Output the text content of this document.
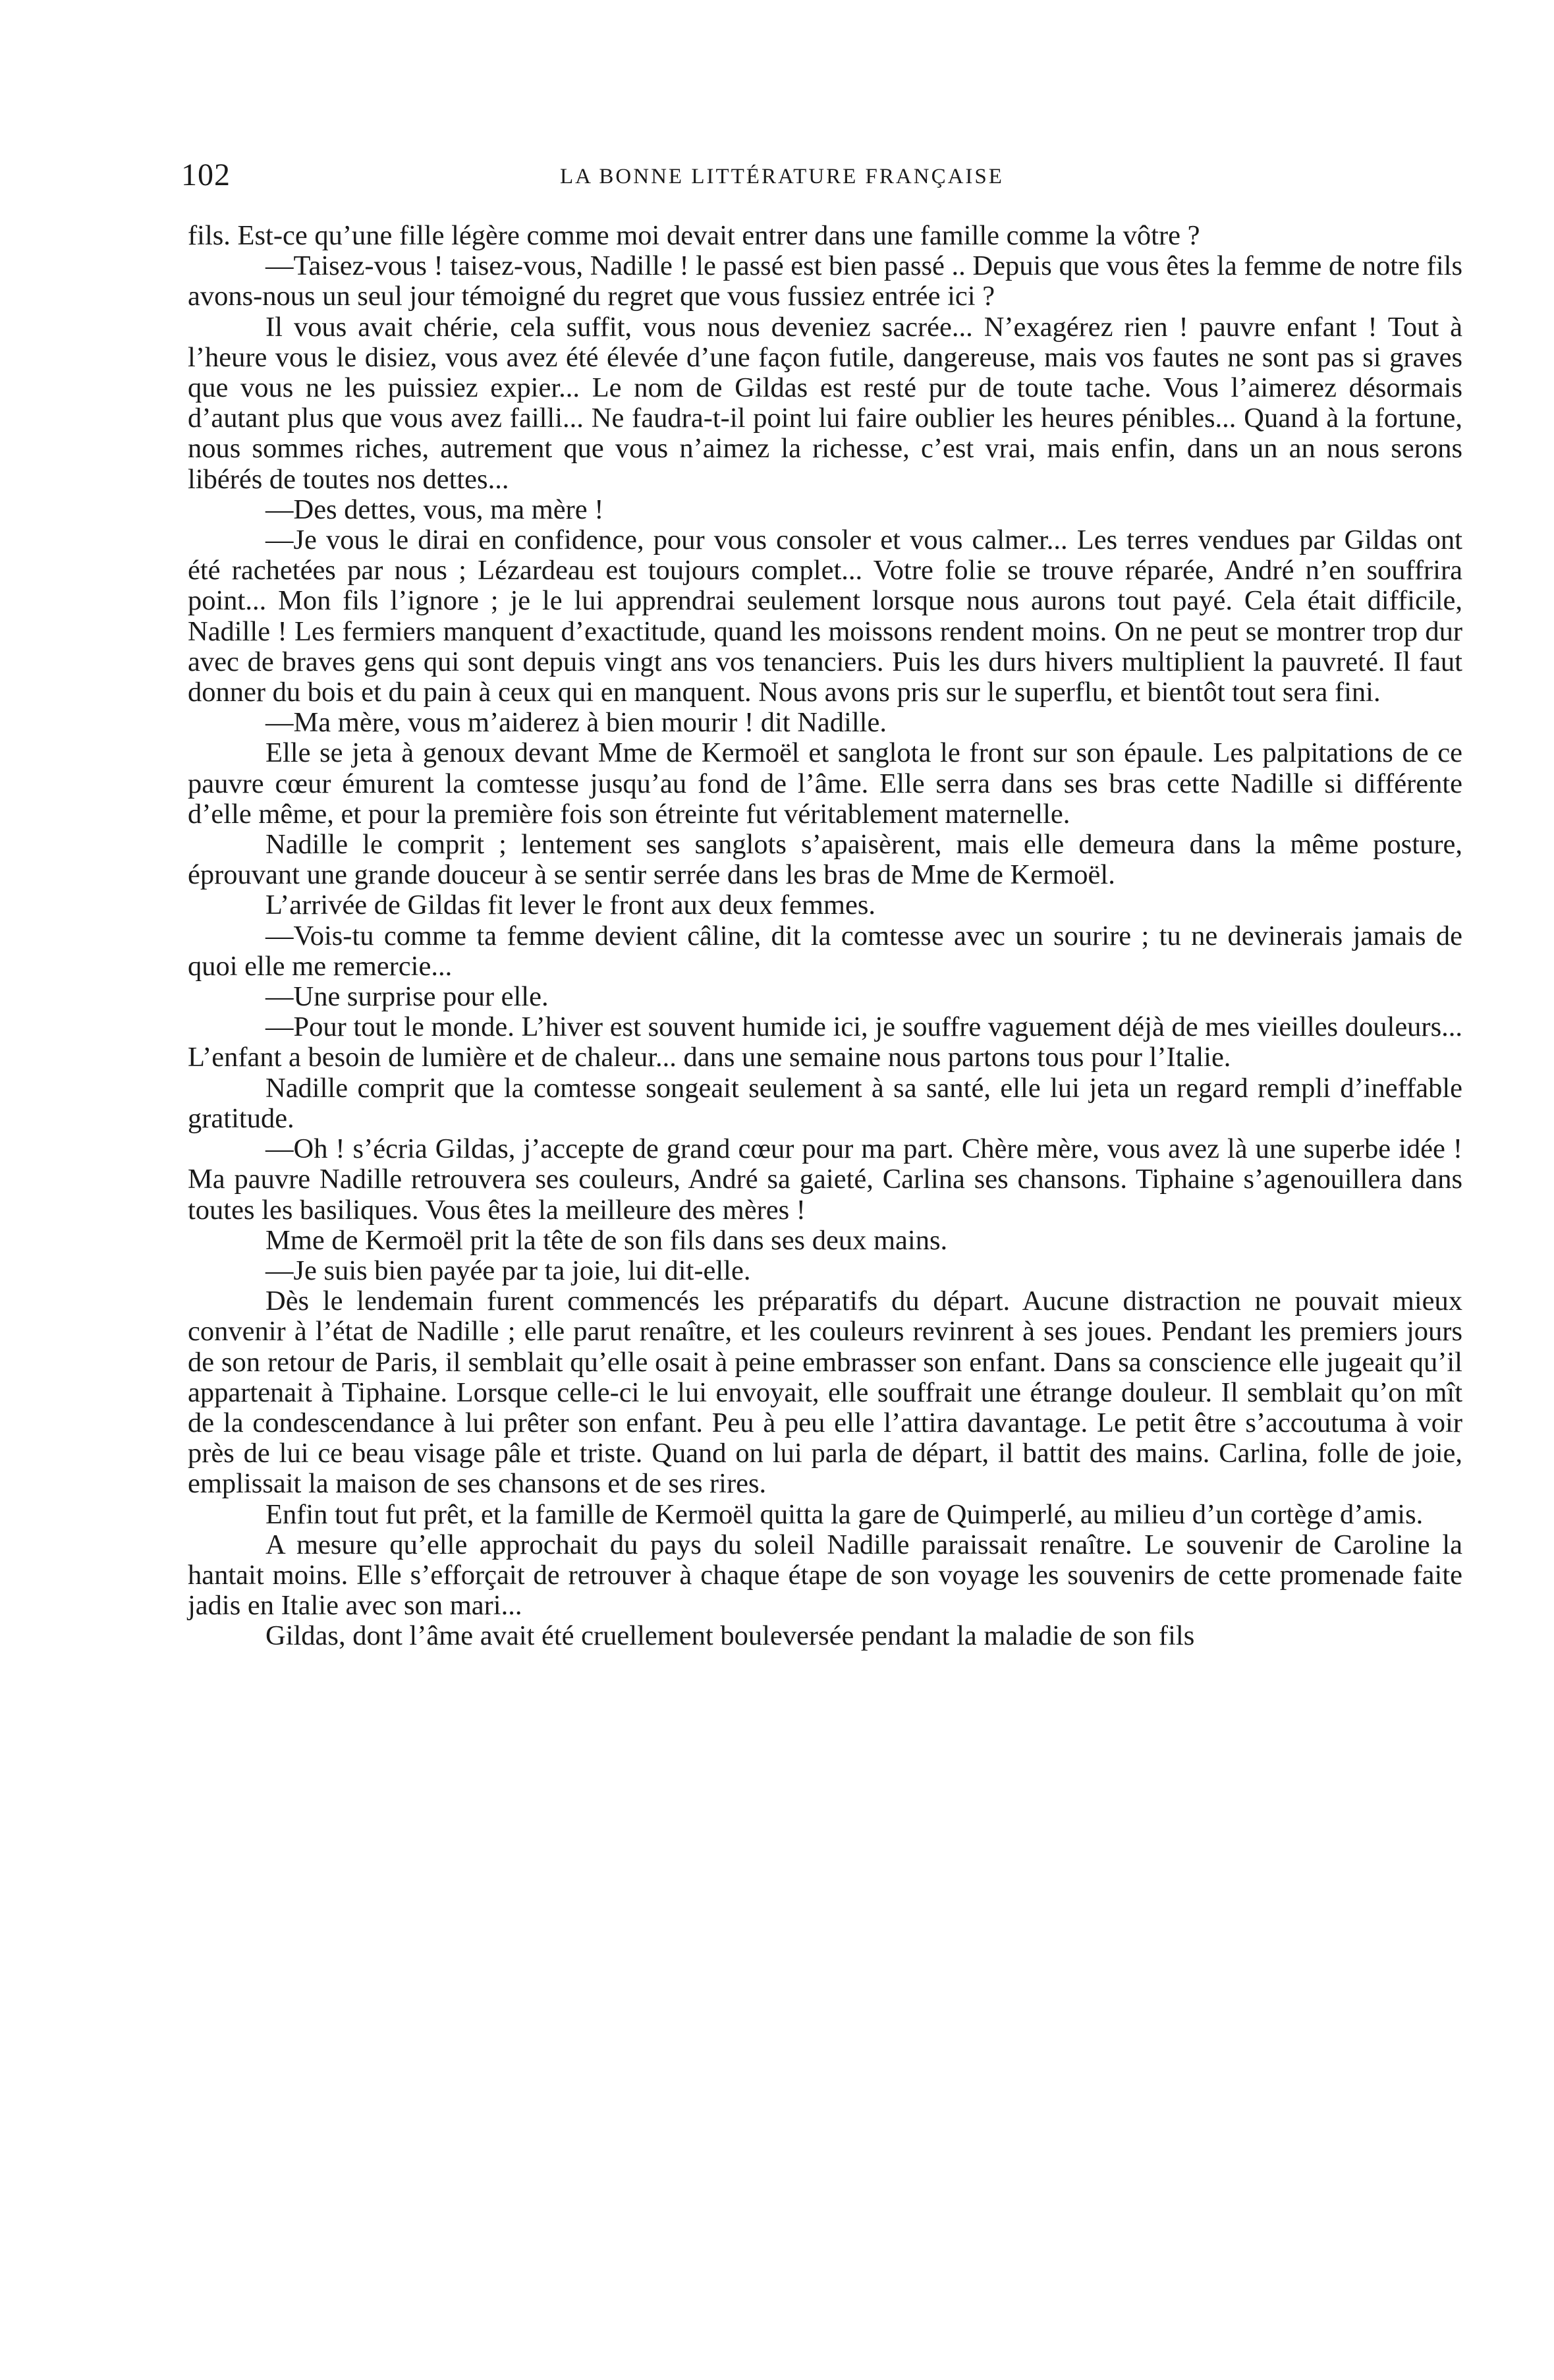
102	LA BONNE LITTÉRATURE FRANÇAISE

fils. Est-ce qu’une fille légère comme moi devait entrer dans une famille comme la vôtre ?

—Taisez-vous ! taisez-vous, Nadille ! le passé est bien passé .. Depuis que vous êtes la femme de notre fils avons-nous un seul jour témoigné du regret que vous fussiez entrée ici ?

Il vous avait chérie, cela suffit, vous nous deveniez sacrée... N’exagérez rien ! pauvre enfant ! Tout à l’heure vous le disiez, vous avez été élevée d’une façon futile, dangereuse, mais vos fautes ne sont pas si graves que vous ne les puissiez expier... Le nom de Gildas est resté pur de toute tache. Vous l’aimerez désormais d’autant plus que vous avez failli... Ne faudra-t-il point lui faire oublier les heures pénibles... Quand à la fortune, nous sommes riches, autrement que vous n’aimez la richesse, c’est vrai, mais enfin, dans un an nous serons libérés de toutes nos dettes...

—Des dettes, vous, ma mère !

—Je vous le dirai en confidence, pour vous consoler et vous calmer... Les terres vendues par Gildas ont été rachetées par nous ; Lézardeau est toujours complet... Votre folie se trouve réparée, André n’en souffrira point... Mon fils l’ignore ; je le lui apprendrai seulement lorsque nous aurons tout payé. Cela était difficile, Nadille ! Les fermiers manquent d’exactitude, quand les moissons rendent moins. On ne peut se montrer trop dur avec de braves gens qui sont depuis vingt ans vos tenanciers. Puis les durs hivers multiplient la pauvreté. Il faut donner du bois et du pain à ceux qui en manquent. Nous avons pris sur le superflu, et bientôt tout sera fini.

—Ma mère, vous m’aiderez à bien mourir ! dit Nadille.

Elle se jeta à genoux devant Mme de Kermoël et sanglota le front sur son épaule. Les palpitations de ce pauvre cœur émurent la comtesse jusqu’au fond de l’âme. Elle serra dans ses bras cette Nadille si différente d’elle même, et pour la première fois son étreinte fut véritablement maternelle.

Nadille le comprit ; lentement ses sanglots s’apaisèrent, mais elle demeura dans la même posture, éprouvant une grande douceur à se sentir serrée dans les bras de Mme de Kermoël.

L’arrivée de Gildas fit lever le front aux deux femmes.

—Vois-tu comme ta femme devient câline, dit la comtesse avec un sourire ; tu ne devinerais jamais de quoi elle me remercie...

—Une surprise pour elle.

—Pour tout le monde. L’hiver est souvent humide ici, je souffre vaguement déjà de mes vieilles douleurs... L’enfant a besoin de lumière et de chaleur... dans une semaine nous partons tous pour l’Italie.

Nadille comprit que la comtesse songeait seulement à sa santé, elle lui jeta un regard rempli d’ineffable gratitude.

—Oh ! s’écria Gildas, j’accepte de grand cœur pour ma part. Chère mère, vous avez là une superbe idée ! Ma pauvre Nadille retrouvera ses couleurs, André sa gaieté, Carlina ses chansons. Tiphaine s’agenouillera dans toutes les basiliques. Vous êtes la meilleure des mères !

Mme de Kermoël prit la tête de son fils dans ses deux mains.

—Je suis bien payée par ta joie, lui dit-elle.

Dès le lendemain furent commencés les préparatifs du départ. Aucune distraction ne pouvait mieux convenir à l’état de Nadille ; elle parut renaître, et les couleurs revinrent à ses joues. Pendant les premiers jours de son retour de Paris, il semblait qu’elle osait à peine embrasser son enfant. Dans sa conscience elle jugeait qu’il appartenait à Tiphaine. Lorsque celle-ci le lui envoyait, elle souffrait une étrange douleur. Il semblait qu’on mît de la condescendance à lui prêter son enfant. Peu à peu elle l’attira davantage. Le petit être s’accoutuma à voir près de lui ce beau visage pâle et triste. Quand on lui parla de départ, il battit des mains. Carlina, folle de joie, emplissait la maison de ses chansons et de ses rires.

Enfin tout fut prêt, et la famille de Kermoël quitta la gare de Quimperlé, au milieu d’un cortège d’amis.

A mesure qu’elle approchait du pays du soleil Nadille paraissait renaître. Le souvenir de Caroline la hantait moins. Elle s’efforçait de retrouver à chaque étape de son voyage les souvenirs de cette promenade faite jadis en Italie avec son mari...

Gildas, dont l’âme avait été cruellement bouleversée pendant la maladie de son fils
